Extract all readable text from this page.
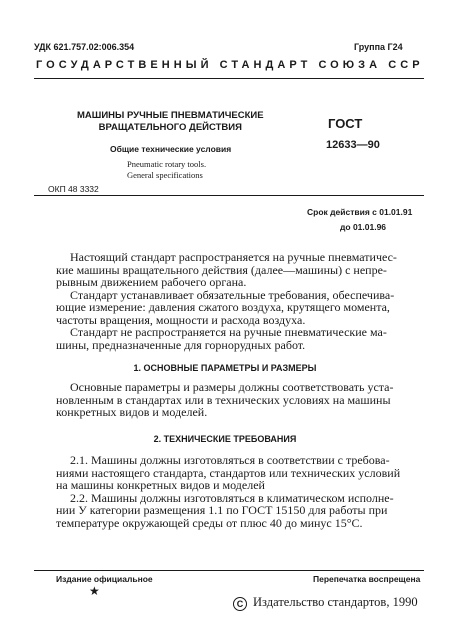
УДК 621.757.02:006.354	Группа Г24
ГОСУДАРСТВЕННЫЙ СТАНДАРТ СОЮЗА ССР
МАШИНЫ РУЧНЫЕ ПНЕВМАТИЧЕСКИЕ
ВРАЩАТЕЛЬНОГО ДЕЙСТВИЯ	ГОСТ
12633—90
Общие технические условия
Pneumatic rotary tools.
General specifications
ОКП 48 3332
Срок действия с 01.01.91
до 01.01.96
Настоящий стандарт распространяется на ручные пневматичес-
кие машины вращательного действия (далее—машины) с непре-
рывным движением рабочего органа.
Стандарт устанавливает обязательные требования, обеспечива-
ющие измерение: давления сжатого воздуха, крутящего момента,
частоты вращения, мощности и расхода воздуха.
Стандарт не распространяется на ручные пневматические ма-
шины, предназначенные для горнорудных работ.
1. ОСНОВНЫЕ ПАРАМЕТРЫ И РАЗМЕРЫ
Основные параметры и размеры должны соответствовать уста-
новленным в стандартах или в технических условиях на машины
конкретных видов и моделей.
2. ТЕХНИЧЕСКИЕ ТРЕБОВАНИЯ
2.1. Машины должны изготовляться в соответствии с требова-
ниями настоящего стандарта, стандартов или технических условий
на машины конкретных видов и моделей
2.2. Машины должны изготовляться в климатическом исполне-
нии У категории размещения 1.1 по ГОСТ 15150 для работы при
температуре окружающей среды от плюс 40 до минус 15°С.
Издание официальное	Перепечатка воспрещена
★
С Издательство стандартов, 1990
